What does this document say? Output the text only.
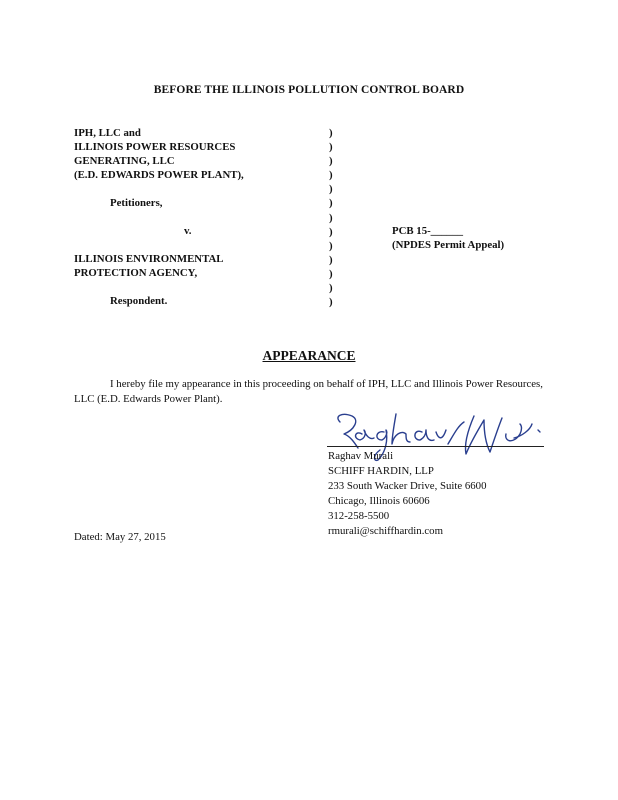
BEFORE THE ILLINOIS POLLUTION CONTROL BOARD
IPH, LLC and
ILLINOIS POWER RESOURCES
GENERATING, LLC
(E.D. EDWARDS POWER PLANT),
Petitioners,
v.
ILLINOIS ENVIRONMENTAL
PROTECTION AGENCY,
Respondent.
)
)
)
)
)
)
)
)
)
)
)
)
)
PCB 15-______
(NPDES Permit Appeal)
APPEARANCE
I hereby file my appearance in this proceeding on behalf of IPH, LLC and Illinois Power Resources, LLC (E.D. Edwards Power Plant).
Raghav Murali
SCHIFF HARDIN, LLP
233 South Wacker Drive, Suite 6600
Chicago, Illinois 60606
312-258-5500
rmurali@schiffhardin.com
Dated: May 27, 2015
